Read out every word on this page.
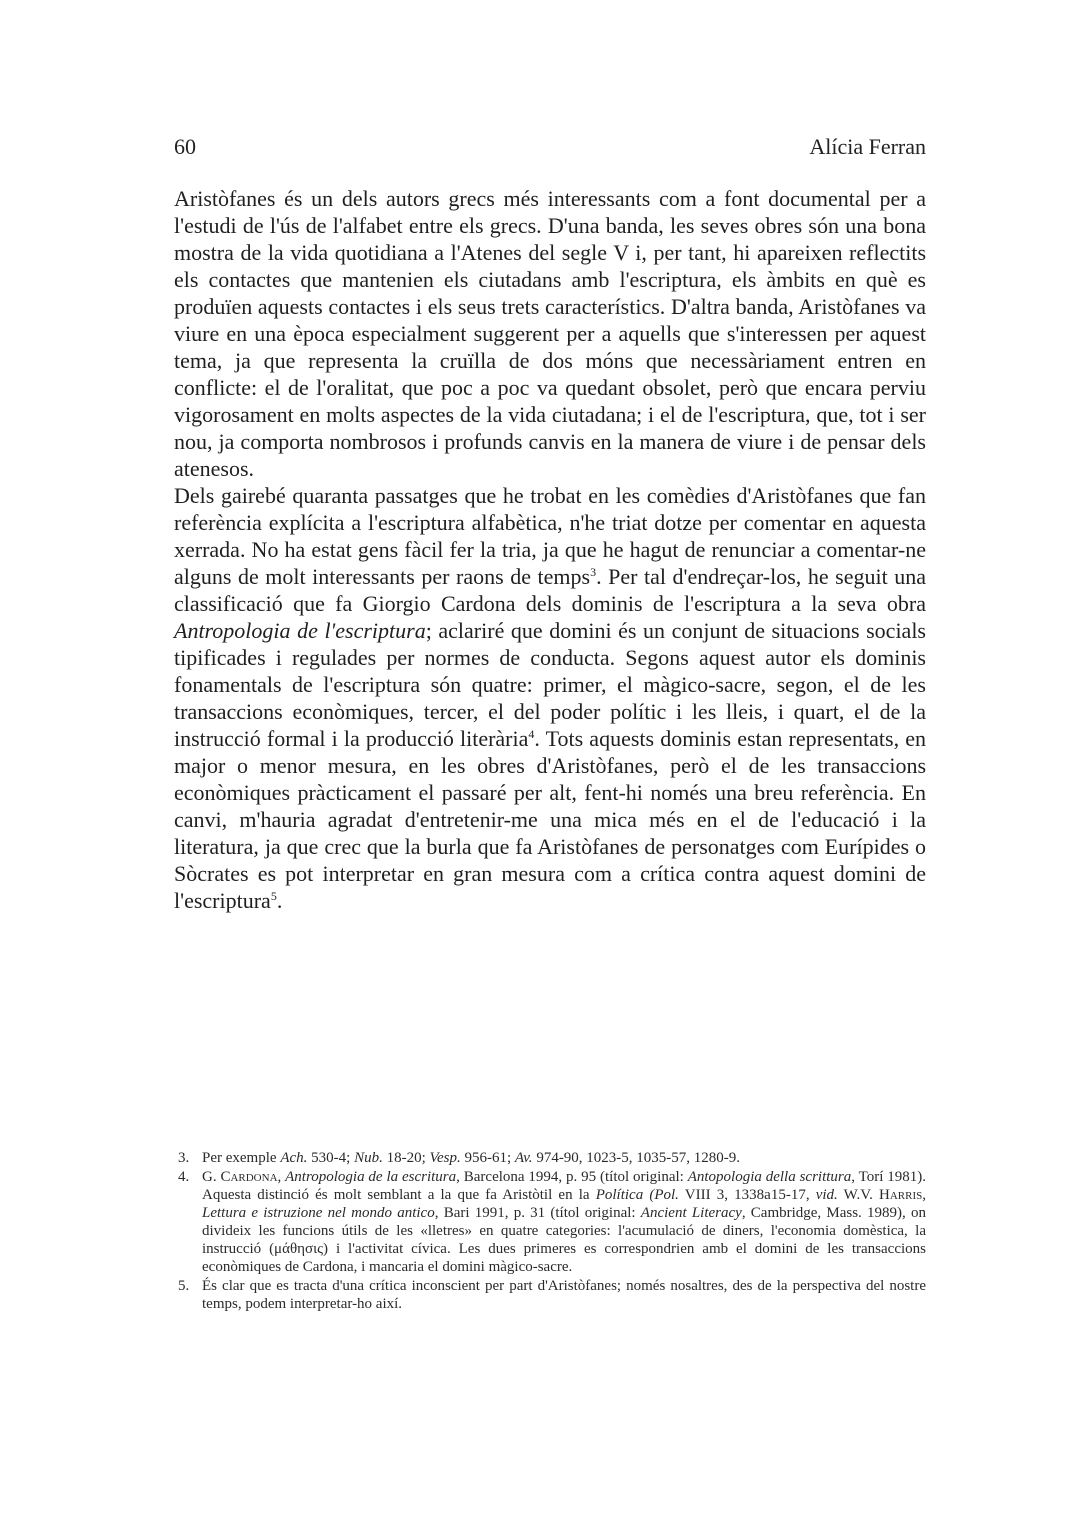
60	Alícia Ferran

Aristòfanes és un dels autors grecs més interessants com a font documental per a l'estudi de l'ús de l'alfabet entre els grecs. D'una banda, les seves obres són una bona mostra de la vida quotidiana a l'Atenes del segle V i, per tant, hi apareixen reflectits els contactes que mantenien els ciutadans amb l'escriptura, els àmbits en què es produïen aquests contactes i els seus trets característics. D'altra banda, Aristòfanes va viure en una època especialment suggerent per a aquells que s'interessen per aquest tema, ja que representa la cruïlla de dos móns que necessàriament entren en conflicte: el de l'oralitat, que poc a poc va quedant obsolet, però que encara perviu vigorosament en molts aspectes de la vida ciutadana; i el de l'escriptura, que, tot i ser nou, ja comporta nombrosos i profunds canvis en la manera de viure i de pensar dels atenesos.

Dels gairebé quaranta passatges que he trobat en les comèdies d'Aristòfanes que fan referència explícita a l'escriptura alfabètica, n'he triat dotze per comentar en aquesta xerrada. No ha estat gens fàcil fer la tria, ja que he hagut de renunciar a comentar-ne alguns de molt interessants per raons de temps$^3$. Per tal d'endreçar-los, he seguit una classificació que fa Giorgio Cardona dels dominis de l'escriptura a la seva obra Antropologia de l'escriptura; aclariré que domini és un conjunt de situacions socials tipificades i regulades per normes de conducta. Segons aquest autor els dominis fonamentals de l'escriptura són quatre: primer, el màgico-sacre, segon, el de les transaccions econòmiques, tercer, el del poder polític i les lleis, i quart, el de la instrucció formal i la producció literària$^4$. Tots aquests dominis estan representats, en major o menor mesura, en les obres d'Aristòfanes, però el de les transaccions econòmiques pràcticament el passaré per alt, fent-hi només una breu referència. En canvi, m'hauria agradat d'entretenir-me una mica més en el de l'educació i la literatura, ja que crec que la burla que fa Aristòfanes de personatges com Eurípides o Sòcrates es pot interpretar en gran mesura com a crítica contra aquest domini de l'escriptura$^5$.

3. Per exemple Ach. 530-4; Nub. 18-20; Vesp. 956-61; Av. 974-90, 1023-5, 1035-57, 1280-9.
4. G. Cardona, Antropologia de la escritura, Barcelona 1994, p. 95 (títol original: Antopologia della scrittura, Torí 1981). Aquesta distinció és molt semblant a la que fa Aristòtil en la Política (Pol. VIII 3, 1338a15-17, vid. W.V. Harris, Lettura e istruzione nel mondo antico, Bari 1991, p. 31 (títol original: Ancient Literacy, Cambridge, Mass. 1989), on divideix les funcions útils de les «lletres» en quatre categories: l'acumulació de diners, l'economia domèstica, la instrucció (μάθησις) i l'activitat cívica. Les dues primeres es correspondrien amb el domini de les transaccions econòmiques de Cardona, i mancaria el domini màgico-sacre.
5. És clar que es tracta d'una crítica inconscient per part d'Aristòfanes; només nosaltres, des de la perspectiva del nostre temps, podem interpretar-ho així.
